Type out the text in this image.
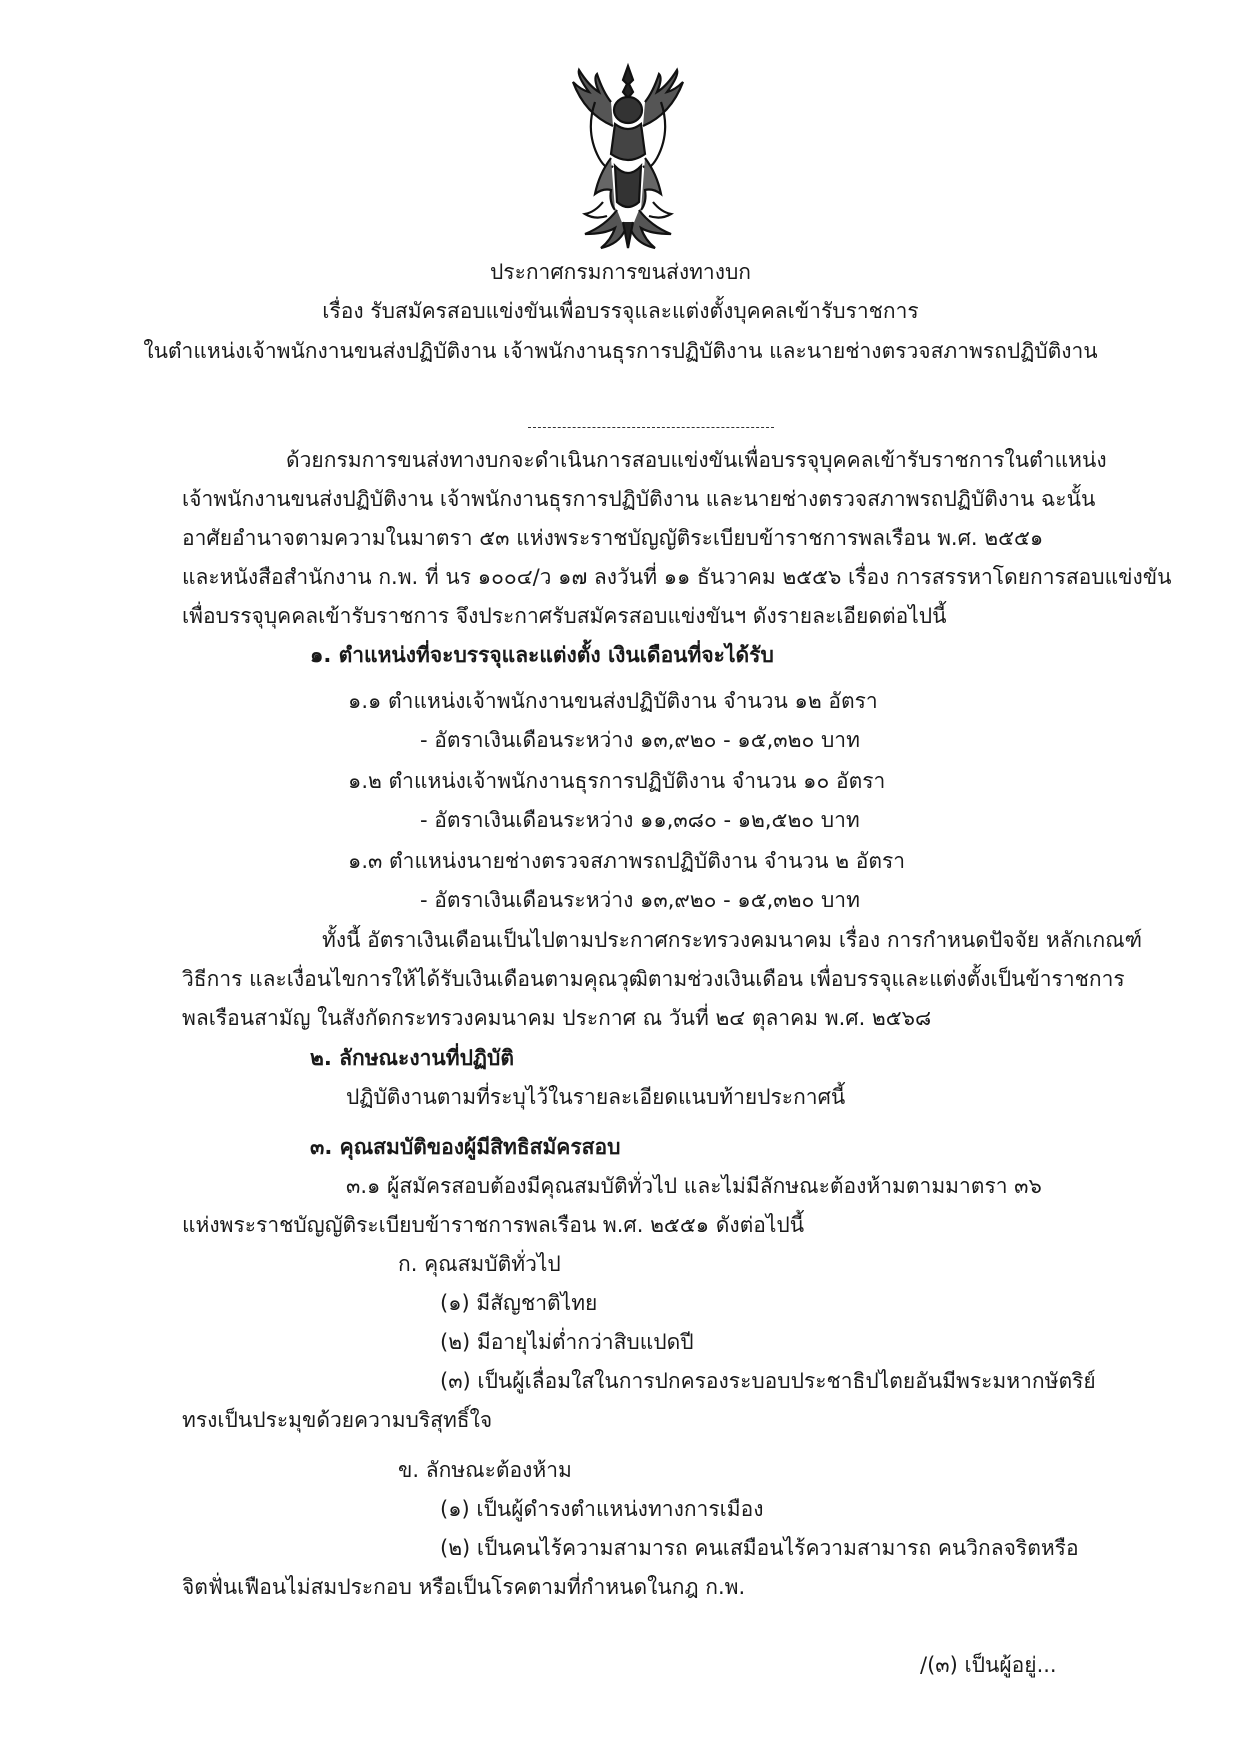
ประกาศกรมการขนส่งทางบก
เรื่อง รับสมัครสอบแข่งขันเพื่อบรรจุและแต่งตั้งบุคคลเข้ารับราชการ
ในตำแหน่งเจ้าพนักงานขนส่งปฏิบัติงาน เจ้าพนักงานธุรการปฏิบัติงาน และนายช่างตรวจสภาพรถปฏิบัติงาน
ด้วยกรมการขนส่งทางบกจะดำเนินการสอบแข่งขันเพื่อบรรจุบุคคลเข้ารับราชการในตำแหน่ง
เจ้าพนักงานขนส่งปฏิบัติงาน เจ้าพนักงานธุรการปฏิบัติงาน และนายช่างตรวจสภาพรถปฏิบัติงาน ฉะนั้น
อาศัยอำนาจตามความในมาตรา ๕๓ แห่งพระราชบัญญัติระเบียบข้าราชการพลเรือน พ.ศ. ๒๕๕๑
และหนังสือสำนักงาน ก.พ. ที่ นร ๑๐๐๔/ว ๑๗ ลงวันที่ ๑๑ ธันวาคม ๒๕๕๖ เรื่อง การสรรหาโดยการสอบแข่งขัน
เพื่อบรรจุบุคคลเข้ารับราชการ จึงประกาศรับสมัครสอบแข่งขันฯ ดังรายละเอียดต่อไปนี้
๑. ตำแหน่งที่จะบรรจุและแต่งตั้ง เงินเดือนที่จะได้รับ
๑.๑ ตำแหน่งเจ้าพนักงานขนส่งปฏิบัติงาน จำนวน ๑๒ อัตรา
- อัตราเงินเดือนระหว่าง ๑๓,๙๒๐ - ๑๕,๓๒๐ บาท
๑.๒ ตำแหน่งเจ้าพนักงานธุรการปฏิบัติงาน จำนวน ๑๐ อัตรา
- อัตราเงินเดือนระหว่าง ๑๑,๓๘๐ - ๑๒,๕๒๐ บาท
๑.๓ ตำแหน่งนายช่างตรวจสภาพรถปฏิบัติงาน จำนวน ๒ อัตรา
- อัตราเงินเดือนระหว่าง ๑๓,๙๒๐ - ๑๕,๓๒๐ บาท
ทั้งนี้ อัตราเงินเดือนเป็นไปตามประกาศกระทรวงคมนาคม เรื่อง การกำหนดปัจจัย หลักเกณฑ์
วิธีการ และเงื่อนไขการให้ได้รับเงินเดือนตามคุณวุฒิตามช่วงเงินเดือน เพื่อบรรจุและแต่งตั้งเป็นข้าราชการ
พลเรือนสามัญ ในสังกัดกระทรวงคมนาคม ประกาศ ณ วันที่ ๒๔ ตุลาคม พ.ศ. ๒๕๖๘
๒. ลักษณะงานที่ปฏิบัติ
ปฏิบัติงานตามที่ระบุไว้ในรายละเอียดแนบท้ายประกาศนี้
๓. คุณสมบัติของผู้มีสิทธิสมัครสอบ
๓.๑ ผู้สมัครสอบต้องมีคุณสมบัติทั่วไป และไม่มีลักษณะต้องห้ามตามมาตรา ๓๖
แห่งพระราชบัญญัติระเบียบข้าราชการพลเรือน พ.ศ. ๒๕๕๑ ดังต่อไปนี้
ก. คุณสมบัติทั่วไป
(๑) มีสัญชาติไทย
(๒) มีอายุไม่ต่ำกว่าสิบแปดปี
(๓) เป็นผู้เลื่อมใสในการปกครองระบอบประชาธิปไตยอันมีพระมหากษัตริย์
ทรงเป็นประมุขด้วยความบริสุทธิ์ใจ
ข. ลักษณะต้องห้าม
(๑) เป็นผู้ดำรงตำแหน่งทางการเมือง
(๒) เป็นคนไร้ความสามารถ คนเสมือนไร้ความสามารถ คนวิกลจริตหรือ
จิตฟั่นเฟือนไม่สมประกอบ หรือเป็นโรคตามที่กำหนดในกฎ ก.พ.
/(๓) เป็นผู้อยู่...
